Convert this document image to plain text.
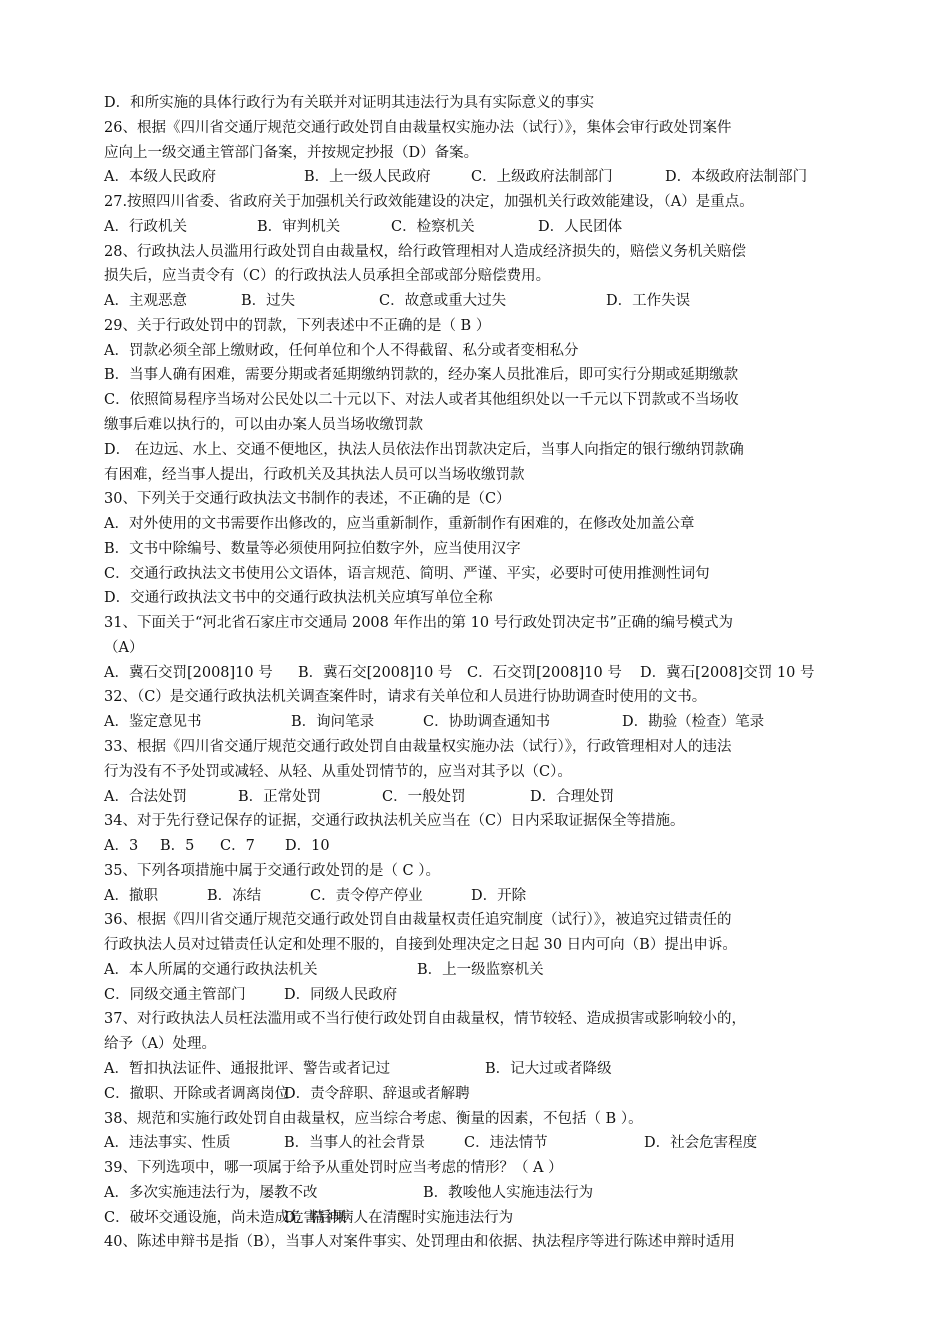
D．和所实施的具体行政行为有关联并对证明其违法行为具有实际意义的事实
26、根据《四川省交通厅规范交通行政处罚自由裁量权实施办法（试行）》，集体会审行政处罚案件
应向上一级交通主管部门备案，并按规定抄报（D）备案。
A．本级人民政府	B．上一级人民政府	C．上级政府法制部门	D．本级政府法制部门
27.按照四川省委、省政府关于加强机关行政效能建设的决定，加强机关行政效能建设，（A）是重点。
A．行政机关	B．审判机关	C．检察机关	D．人民团体
28、行政执法人员滥用行政处罚自由裁量权，给行政管理相对人造成经济损失的，赔偿义务机关赔偿
损失后，应当责令有（C）的行政执法人员承担全部或部分赔偿费用。
A．主观恶意	B．过失	C．故意或重大过失	D．工作失误
29、关于行政处罚中的罚款，下列表述中不正确的是（ B ）
A．罚款必须全部上缴财政，任何单位和个人不得截留、私分或者变相私分
B．当事人确有困难，需要分期或者延期缴纳罚款的，经办案人员批准后，即可实行分期或延期缴款
C．依照简易程序当场对公民处以二十元以下、对法人或者其他组织处以一千元以下罚款或不当场收
缴事后难以执行的，可以由办案人员当场收缴罚款
D． 在边远、水上、交通不便地区，执法人员依法作出罚款决定后，当事人向指定的银行缴纳罚款确
有困难，经当事人提出，行政机关及其执法人员可以当场收缴罚款
30、下列关于交通行政执法文书制作的表述，不正确的是（C）
A．对外使用的文书需要作出修改的，应当重新制作，重新制作有困难的，在修改处加盖公章
B．文书中除编号、数量等必须使用阿拉伯数字外，应当使用汉字
C．交通行政执法文书使用公文语体，语言规范、简明、严谨、平实，必要时可使用推测性词句
D．交通行政执法文书中的交通行政执法机关应填写单位全称
31、下面关于“河北省石家庄市交通局 2008 年作出的第 10 号行政处罚决定书”正确的编号模式为
（A）
A．冀石交罚[2008]10 号 B．冀石交[2008]10 号 C．石交罚[2008]10 号 D．冀石[2008]交罚 10 号
32、（C）是交通行政执法机关调查案件时，请求有关单位和人员进行协助调查时使用的文书。
A．鉴定意见书	B．询问笔录	C．协助调查通知书	D．勘验（检查）笔录
33、根据《四川省交通厅规范交通行政处罚自由裁量权实施办法（试行）》，行政管理相对人的违法
行为没有不予处罚或减轻、从轻、从重处罚情节的，应当对其予以（C）。
A．合法处罚	B．正常处罚	C．一般处罚	D．合理处罚
34、对于先行登记保存的证据，交通行政执法机关应当在（C）日内采取证据保全等措施。
A．3 B．5 C．7 D．10
35、下列各项措施中属于交通行政处罚的是（ C ）。
A．撤职	B．冻结	C．责令停产停业	D．开除
36、根据《四川省交通厅规范交通行政处罚自由裁量权责任追究制度（试行）》，被追究过错责任的
行政执法人员对过错责任认定和处理不服的，自接到处理决定之日起 30 日内可向（B）提出申诉。
A．本人所属的交通行政执法机关	B．上一级监察机关
C．同级交通主管部门	D．同级人民政府
37、对行政执法人员枉法滥用或不当行使行政处罚自由裁量权，情节较轻、造成损害或影响较小的，
给予（A）处理。
A．暂扣执法证件、通报批评、警告或者记过	B．记大过或者降级
C．撤职、开除或者调离岗位
D．责令辞职、辞退或者解聘
38、规范和实施行政处罚自由裁量权，应当综合考虑、衡量的因素，不包括（ B ）。
A．违法事实、性质	B．当事人的社会背景	C．违法情节	D．社会危害程度
39、下列选项中，哪一项属于给予从重处罚时应当考虑的情形？（ A ）
A．多次实施违法行为，屡教不改	B．教唆他人实施违法行为
C．破坏交通设施，尚未造成危害后果
D．精神病人在清醒时实施违法行为
40、陈述申辩书是指（B），当事人对案件事实、处罚理由和依据、执法程序等进行陈述申辩时适用
